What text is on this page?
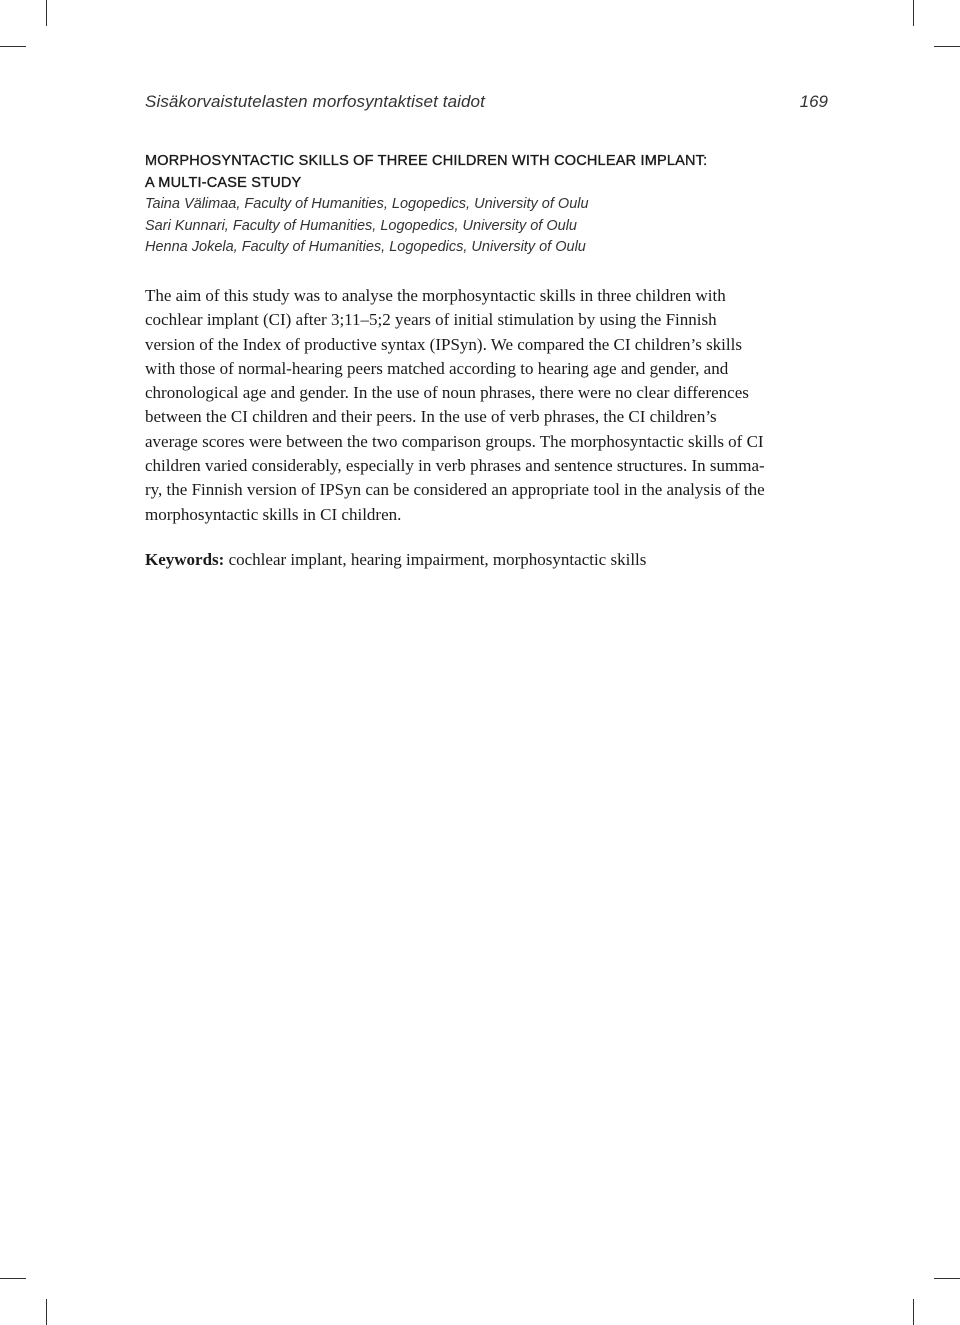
Sisäkorvaistutelasten morfosyntaktiset taidot	169
MORPHOSYNTACTIC SKILLS OF THREE CHILDREN WITH COCHLEAR IMPLANT:
A MULTI-CASE STUDY
Taina Välimaa, Faculty of Humanities, Logopedics, University of Oulu
Sari Kunnari, Faculty of Humanities, Logopedics, University of Oulu
Henna Jokela, Faculty of Humanities, Logopedics, University of Oulu
The aim of this study was to analyse the morphosyntactic skills in three children with
cochlear implant (CI) after 3;11–5;2 years of initial stimulation by using the Finnish
version of the Index of productive syntax (IPSyn). We compared the CI children’s skills
with those of normal-hearing peers matched according to hearing age and gender, and
chronological age and gender. In the use of noun phrases, there were no clear differences
between the CI children and their peers. In the use of verb phrases, the CI children’s
average scores were between the two comparison groups. The morphosyntactic skills of CI
children varied considerably, especially in verb phrases and sentence structures. In summa-
ry, the Finnish version of IPSyn can be considered an appropriate tool in the analysis of the
morphosyntactic skills in CI children.
Keywords: cochlear implant, hearing impairment, morphosyntactic skills
